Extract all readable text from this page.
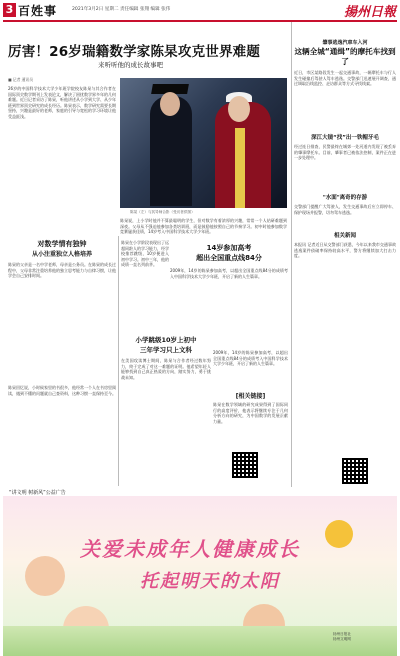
3 百姓事	2021年3月2日 星期二 责任编辑 张翔 编辑 张伟	揚州日報
厉害！26岁瑞籍数学家陈杲攻克世界难题
来听听他的成长故事吧
■ 记者 通讯员
26岁的中国科学技术大学少年班学院校友陈杲与其合作者在国际顶尖数学期刊上发表论文，解决了困扰数学界多年的几何难题。近日记者采访了陈杲，听他讲述从小学到大学、从少年班到世界顶尖研究的成长经历。陈杲表示，数学研究需要长期坚持，兴趣是最好的老师，家庭的引导与宽松的学习环境让他受益匪浅。
陈杲（左）与其导师合影（受访者供图）
陈杲说，上小学时他并不算最聪明的学生，但对数学有着浓厚的兴趣，常常一个人钻研难题到深夜。父母从不强迫他参加各类培训班，而是鼓励他按照自己的节奏学习。初中时他参加数学竞赛屡获佳绩，14岁考入中国科学技术大学少年班。
对数学情有独钟
从小注重独立人格培养
陈杲的父亲是一名中学老师，母亲是公务员。在陈杲的成长过程中，父母非常注重培养他的独立思考能力与自律习惯，让他学会自己安排时间。
陈杲回忆说，小时候家里的书很多，他经常一个人在书房里阅读，遇到不懂的问题就自己查资料，这种习惯一直保持至今。
陈杲在小学阶段表现出了远超同龄人的学习能力，经学校推荐跳级，10岁便进入初中学习。初中三年，他的成绩一直名列前茅。
14岁参加高考
超出全国重点线84分
2009年，14岁的陈杲参加高考，以超出全国重点线84分的成绩考入中国科学技术大学少年班，开启了新的人生篇章。
小学跳级10岁上初中
三年学习只上文科
在美国攻读博士期间，陈杲与合作者经过数年努力，终于完成了对这一难题的证明。他希望年轻人能够找到自己真正热爱的方向，踏实努力，勇于挑战未知。
2009年，14岁的陈杲参加高考，以超出全国重点线84分的成绩考入中国科学技术大学少年班，开启了新的人生篇章。
[相关链接]
陈杲在数学领域的研究成果得到了国际同行的高度评价，他表示将继续专注于几何分析方向的研究，为中国数学的发展贡献力量。
肇事逃逸汽車车入河
这辆全城“通缉”的摩托车找到了
近日，市区某路段发生一起交通事故，一辆摩托车与行人发生碰撞后驾驶人驾车逃逸。交警部门迅速展开调查，通过调取沿线监控、走访群众等方式寻找线索。
深江大镜“找”出一铁帽牙毛
经过连日排查，民警最终在城郊一处河道内发现了被丢弃的肇事摩托车。目前，肇事者已被依法控制，案件正在进一步处理中。
"水面"离奇的存游
交警部门提醒广大驾驶人，发生交通事故后应立即停车、保护现场并报警，切勿驾车逃逸。
相关新闻
本报讯 记者近日从交警部门获悉，今年以来我市交通事故逃逸案件侦破率保持较高水平，警方将继续加大打击力度。
“讲文明 树新风”公益广告
关爱未成年人健康成长
托起明天的太阳
扬州日报社
扬州文明网
